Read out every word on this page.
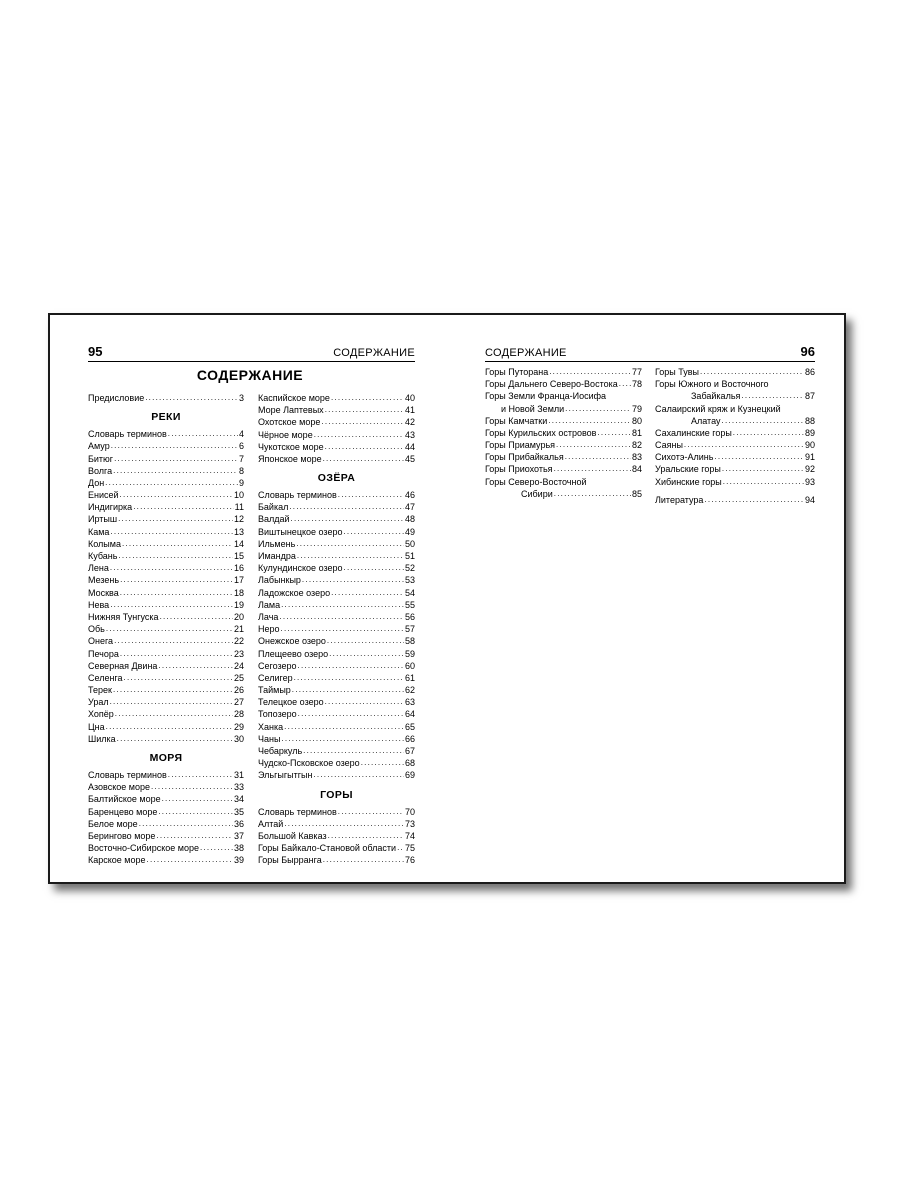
95	СОДЕРЖАНИЕ
СОДЕРЖАНИЕ
Предисловие . . .	3
РЕКИ
Словарь терминов . . .	4
Амур . . .	6
Битюг . . .	7
Волга . . .	8
Дон . . .	9
Енисей . . .	10
Индигирка . . .	11
Иртыш . . .	12
Кама . . .	13
Колыма . . .	14
Кубань . . .	15
Лена . . .	16
Мезень . . .	17
Москва . . .	18
Нева . . .	19
Нижняя Тунгуска . . .	20
Обь . . .	21
Онега . . .	22
Печора . . .	23
Северная Двина . . .	24
Селенга . . .	25
Терек . . .	26
Урал . . .	27
Хопёр . . .	28
Цна . . .	29
Шилка . . .	30
МОРЯ
Словарь терминов . . .	31
Азовское море . . .	33
Балтийское море . . .	34
Баренцево море . . .	35
Белое море . . .	36
Берингово море . . .	37
Восточно-Сибирское море . . .	38
Карское море . . .	39
Каспийское море . . .	40
Море Лаптевых . . .	41
Охотское море . . .	42
Чёрное море . . .	43
Чукотское море . . .	44
Японское море . . .	45
ОЗЁРА
Словарь терминов . . .	46
Байкал . . .	47
Валдай . . .	48
Виштынецкое озеро . . .	49
Ильмень . . .	50
Имандра . . .	51
Кулундинское озеро . . .	52
Лабынкыр . . .	53
Ладожское озеро . . .	54
Лама . . .	55
Лача . . .	56
Неро . . .	57
Онежское озеро . . .	58
Плещеево озеро . . .	59
Сегозеро . . .	60
Селигер . . .	61
Таймыр . . .	62
Телецкое озеро . . .	63
Топозеро . . .	64
Ханка . . .	65
Чаны . . .	66
Чебаркуль . . .	67
Чудско-Псковское озеро . . .	68
Эльгыгытгын . . .	69
ГОРЫ
Словарь терминов . . .	70
Алтай . . .	73
Большой Кавказ . . .	74
Горы Байкало-Становой области . . . 75
Горы Бырранга . . .	76
СОДЕРЖАНИЕ	96
Горы Путорана . . .	77
Горы Дальнего Северо-Востока . . . 78
Горы Земли Франца-Иосифа
и Новой Земли . . .	79
Горы Камчатки . . .	80
Горы Курильских островов . . .	81
Горы Приамурья . . .	82
Горы Прибайкалья . . .	83
Горы Приохотья . . .	84
Горы Северо-Восточной
Сибири . . .	85
Горы Тувы . . .	86
Горы Южного и Восточного
Забайкалья . . .	87
Салаирский кряж и Кузнецкий
Алатау . . .	88
Сахалинские горы . . .	89
Саяны . . .	90
Сихотэ-Алинь . . .	91
Уральские горы . . .	92
Хибинские горы . . .	93
Литература . . .	94
